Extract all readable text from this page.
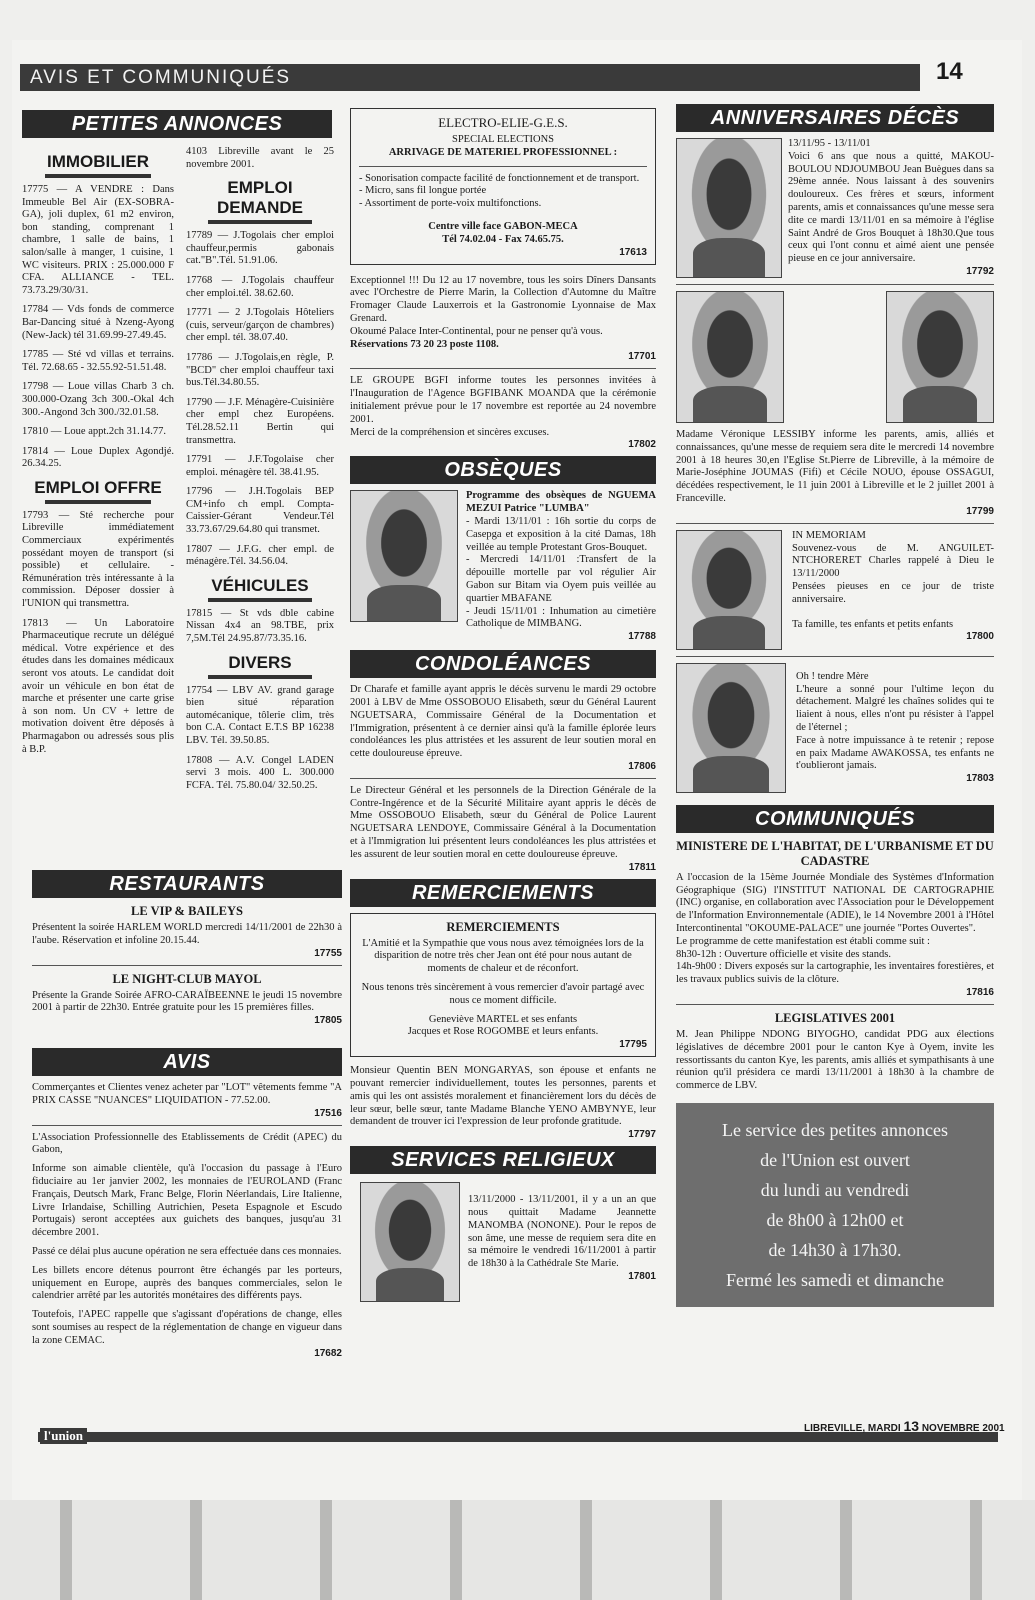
AVIS ET COMMUNIQUÉS	14
PETITES ANNONCES
IMMOBILIER
17775 — A VENDRE : Dans Immeuble Bel Air (EX-SOBRA-GA), joli duplex, 61 m2 environ, bon standing, comprenant 1 chambre, 1 salle de bains, 1 salon/salle à manger, 1 cuisine, 1 WC visiteurs. PRIX : 25.000.000 F CFA. ALLIANCE - TEL. 73.73.29/30/31.
17784 — Vds fonds de commerce Bar-Dancing situé à Nzeng-Ayong (New-Jack) tél 31.69.99-27.49.45.
17785 — Sté vd villas et terrains. Tél. 72.68.65 - 32.55.92-51.51.48.
17798 — Loue villas Charb 3 ch. 300.000-Ozang 3ch 300.-Okal 4ch 300.-Angond 3ch 300./32.01.58.
17810 — Loue appt.2ch 31.14.77.
17814 — Loue Duplex Agondjé. 26.34.25.
EMPLOI OFFRE
17793 — Sté recherche pour Libreville immédiatement Commerciaux expérimentés possédant moyen de transport (si possible) et cellulaire. - Rémunération très intéressante à la commission. Déposer dossier à l'UNION qui transmettra.
17813 — Un Laboratoire Pharmaceutique recrute un délégué médical. Votre expérience et des études dans les domaines médicaux seront vos atouts. Le candidat doit avoir un véhicule en bon état de marche et présenter une carte grise à son nom. Un CV + lettre de motivation doivent être déposés à Pharmagabon ou adressés sous plis à B.P.
4103 Libreville avant le 25 novembre 2001.
EMPLOI DEMANDE
17789 — J.Togolais cher emploi chauffeur,permis gabonais cat."B".Tél. 51.91.06.
17768 — J.Togolais chauffeur cher emploi.tél. 38.62.60.
17771 — 2 J.Togolais Hôteliers (cuis, serveur/garçon de chambres) cher empl. tél. 38.07.40.
17786 — J.Togolais,en règle, P. "BCD" cher emploi chauffeur taxi bus.Tél.34.80.55.
17790 — J.F. Ménagère-Cuisinière cher empl chez Européens. Tél.28.52.11 Bertin qui transmettra.
17791 — J.F.Togolaise cher emploi. ménagère tél. 38.41.95.
17796 — J.H.Togolais BEP CM+info ch empl. Compta-Caissier-Gérant Vendeur.Tél 33.73.67/29.64.80 qui transmet.
17807 — J.F.G. cher empl. de ménagère.Tél. 34.56.04.
VÉHICULES
17815 — St vds dble cabine Nissan 4x4 an 98.TBE, prix 7,5M.Tél 24.95.87/73.35.16.
DIVERS
17754 — LBV AV. grand garage bien situé réparation automécanique, tôlerie clim, très bon C.A. Contact E.T.S BP 16238 LBV. Tél. 39.50.85.
17808 — A.V. Congel LADEN servi 3 mois. 400 L. 300.000 FCFA. Tél. 75.80.04/ 32.50.25.
RESTAURANTS
LE VIP & BAILEYS
Présentent la soirée HARLEM WORLD mercredi 14/11/2001 de 22h30 à l'aube. Réservation et infoline 20.15.44.
17755
LE NIGHT-CLUB MAYOL
Présente la Grande Soirée AFRO-CARAÏBEENNE le jeudi 15 novembre 2001 à partir de 22h30. Entrée gratuite pour les 15 premières filles.
17805
AVIS
Commerçantes et Clientes venez acheter par "LOT" vêtements femme "A PRIX CASSE "NUANCES" LIQUIDATION - 77.52.00.
17516
L'Association Professionnelle des Etablissements de Crédit (APEC) du Gabon,
Informe son aimable clientèle, qu'à l'occasion du passage à l'Euro fiduciaire au 1er janvier 2002, les monnaies de l'EUROLAND (Franc Français, Deutsch Mark, Franc Belge, Florin Néerlandais, Lire Italienne, Livre Irlandaise, Schilling Autrichien, Peseta Espagnole et Escudo Portugais) seront acceptées aux guichets des banques, jusqu'au 31 décembre 2001.
Passé ce délai plus aucune opération ne sera effectuée dans ces monnaies.
Les billets encore détenus pourront être échangés par les porteurs, uniquement en Europe, auprès des banques commerciales, selon le calendrier arrêté par les autorités monétaires des différents pays.
Toutefois, l'APEC rappelle que s'agissant d'opérations de change, elles sont soumises au respect de la réglementation de change en vigueur dans la zone CEMAC.
17682
ELECTRO-ELIE-G.E.S.
SPECIAL ELECTIONS
ARRIVAGE DE MATERIEL PROFESSIONNEL :
- Sonorisation compacte facilité de fonctionnement et de transport.
- Micro, sans fil longue portée
- Assortiment de porte-voix multifonctions.
Centre ville face GABON-MECA
Tél 74.02.04 - Fax 74.65.75.
17613
Exceptionnel !!! Du 12 au 17 novembre, tous les soirs Dîners Dansants avec l'Orchestre de Pierre Marin, la Collection d'Automne du Maître Fromager Claude Lauxerrois et la Gastronomie Lyonnaise de Max Grenard.
Okoumé Palace Inter-Continental, pour ne penser qu'à vous.
Réservations 73 20 23 poste 1108.
17701
LE GROUPE BGFI informe toutes les personnes invitées à l'Inauguration de l'Agence BGFIBANK MOANDA que la cérémonie initialement prévue pour le 17 novembre est reportée au 24 novembre 2001.
Merci de la compréhension et sincères excuses.
17802
OBSÈQUES
Programme des obsèques de NGUEMA MEZUI Patrice "LUMBA"
- Mardi 13/11/01 : 16h sortie du corps de Casepga et exposition à la cité Damas, 18h veillée au temple Protestant Gros-Bouquet.
- Mercredi 14/11/01 :Transfert de la dépouille mortelle par vol régulier Air Gabon sur Bitam via Oyem puis veillée au quartier MBAFANE
- Jeudi 15/11/01 : Inhumation au cimetière Catholique de MIMBANG.
17788
CONDOLÉANCES
Dr Charafe et famille ayant appris le décès survenu le mardi 29 octobre 2001 à LBV de Mme OSSOBOUO Elisabeth, sœur du Général Laurent NGUETSARA, Commissaire Général de la Documentation et l'Immigration, présentent à ce dernier ainsi qu'à la famille éplorée leurs condoléances les plus attristées et les assurent de leur soutien moral en cette douloureuse épreuve.
17806
Le Directeur Général et les personnels de la Direction Générale de la Contre-Ingérence et de la Sécurité Militaire ayant appris le décès de Mme OSSOBOUO Elisabeth, sœur du Général de Police Laurent NGUETSARA LENDOYE, Commissaire Général à la Documentation et à l'Immigration lui présentent leurs condoléances les plus attristées et les assurent de leur soutien moral en cette douloureuse épreuve.
17811
REMERCIEMENTS
REMERCIEMENTS
L'Amitié et la Sympathie que vous nous avez témoignées lors de la disparition de notre très cher Jean ont été pour nous autant de moments de chaleur et de réconfort.
Nous tenons très sincèrement à vous remercier d'avoir partagé avec nous ce moment difficile.
Geneviève MARTEL et ses enfants
Jacques et Rose ROGOMBE et leurs enfants.
17795
Monsieur Quentin BEN MONGARYAS, son épouse et enfants ne pouvant remercier individuellement, toutes les personnes, parents et amis qui les ont assistés moralement et financièrement lors du décès de leur sœur, belle sœur, tante Madame Blanche YENO AMBYNYE, leur demandent de trouver ici l'expression de leur profonde gratitude.
17797
SERVICES RELIGIEUX
13/11/2000 - 13/11/2001, il y a un an que nous quittait Madame Jeannette MANOMBA (NONONE). Pour le repos de son âme, une messe de requiem sera dite en sa mémoire le vendredi 16/11/2001 à partir de 18h30 à la Cathédrale Ste Marie.
17801
ANNIVERSAIRES DÉCÈS
13/11/95 - 13/11/01
Voici 6 ans que nous a quitté, MAKOU-BOULOU NDJOUMBOU Jean Buègues dans sa 29ème année. Nous laissant à des souvenirs douloureux. Ces frères et sœurs, informent parents, amis et connaissances qu'une messe sera dite ce mardi 13/11/01 en sa mémoire à l'église Saint André de Gros Bouquet à 18h30.Que tous ceux qui l'ont connu et aimé aient une pensée pieuse en ce jour anniversaire.
17792
Madame Véronique LESSIBY informe les parents, amis, alliés et connaissances, qu'une messe de requiem sera dite le mercredi 14 novembre 2001 à 18 heures 30,en l'Eglise St.Pierre de Libreville, à la mémoire de Marie-Joséphine JOUMAS (Fifi) et Cécile NOUO, épouse OSSAGUI, décédées respectivement, le 11 juin 2001 à Libreville et le 2 juillet 2001 à Franceville.
17799
IN MEMORIAM
Souvenez-vous de M. ANGUILET-NTCHORERET Charles rappelé à Dieu le 13/11/2000
Pensées pieuses en ce jour de triste anniversaire.
Ta famille, tes enfants et petits enfants
17800
Oh ! tendre Mère
L'heure a sonné pour l'ultime leçon du détachement. Malgré les chaînes solides qui te liaient à nous, elles n'ont pu résister à l'appel de l'éternel ;
Face à notre impuissance à te retenir ; repose en paix Madame AWAKOSSA, tes enfants ne t'oublieront jamais.
17803
COMMUNIQUÉS
MINISTERE DE L'HABITAT, DE L'URBANISME ET DU CADASTRE
A l'occasion de la 15ème Journée Mondiale des Systèmes d'Information Géographique (SIG) l'INSTITUT NATIONAL DE CARTOGRAPHIE (INC) organise, en collaboration avec l'Association pour le Développement de l'Information Environnementale (ADIE), le 14 Novembre 2001 à l'Hôtel Intercontinental "OKOUME-PALACE" une journée "Portes Ouvertes".
Le programme de cette manifestation est établi comme suit :
8h30-12h : Ouverture officielle et visite des stands.
14h-9h00 : Divers exposés sur la cartographie, les inventaires forestières, et les travaux publics suivis de la clôture.
17816
LEGISLATIVES 2001
M. Jean Philippe NDONG BIYOGHO, candidat PDG aux élections législatives de décembre 2001 pour le canton Kye à Oyem, invite les ressortissants du canton Kye, les parents, amis alliés et sympathisants à une réunion qu'il présidera ce mardi 13/11/2001 à 18h30 à la chambre de commerce de LBV.
Le service des petites annonces
de l'Union est ouvert
du lundi au vendredi
de 8h00 à 12h00 et
de 14h30 à 17h30.
Fermé les samedi et dimanche
l'union	LIBREVILLE, MARDI 13 NOVEMBRE 2001
